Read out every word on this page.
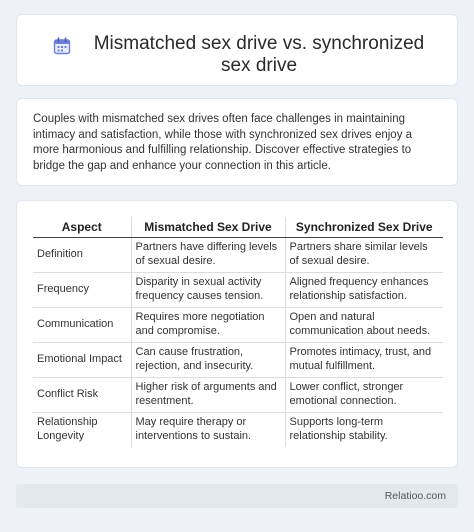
Mismatched sex drive vs. synchronized sex drive

Couples with mismatched sex drives often face challenges in maintaining intimacy and satisfaction, while those with synchronized sex drives enjoy a more harmonious and fulfilling relationship. Discover effective strategies to bridge the gap and enhance your connection in this article.

Aspect	Mismatched Sex Drive	Synchronized Sex Drive
Definition	Partners have differing levels of sexual desire.	Partners share similar levels of sexual desire.
Frequency	Disparity in sexual activity frequency causes tension.	Aligned frequency enhances relationship satisfaction.
Communication	Requires more negotiation and compromise.	Open and natural communication about needs.
Emotional Impact	Can cause frustration, rejection, and insecurity.	Promotes intimacy, trust, and mutual fulfillment.
Conflict Risk	Higher risk of arguments and resentment.	Lower conflict, stronger emotional connection.
Relationship Longevity	May require therapy or interventions to sustain.	Supports long-term relationship stability.
Relatioo.com
